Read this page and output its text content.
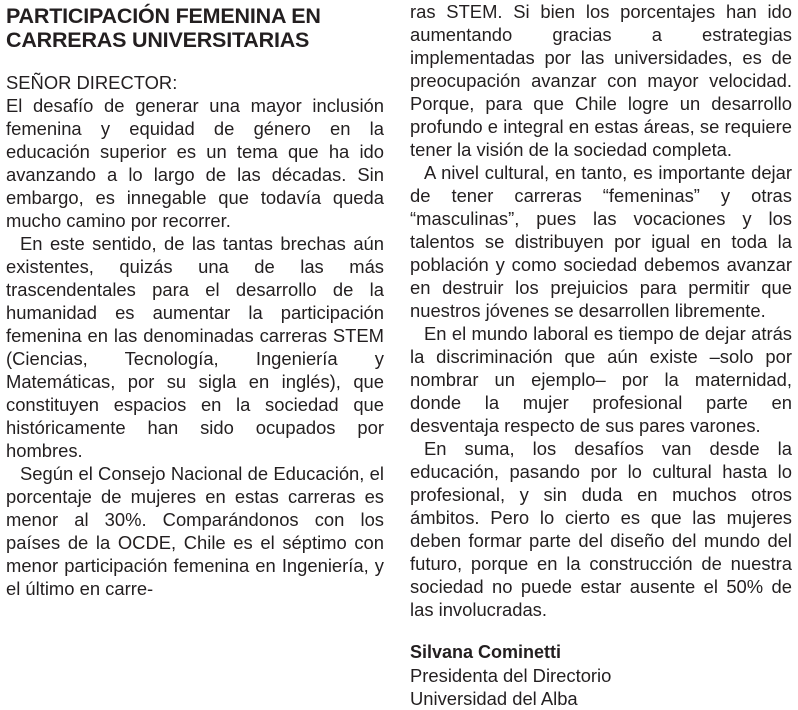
PARTICIPACIÓN FEMENINA EN
CARRERAS UNIVERSITARIAS
SEÑOR DIRECTOR:

El desafío de generar una mayor inclusión femenina y equidad de género en la educación superior es un tema que ha ido avanzando a lo largo de las décadas. Sin embargo, es innegable que todavía queda mucho camino por recorrer.

En este sentido, de las tantas brechas aún existentes, quizás una de las más trascendentales para el desarrollo de la humanidad es aumentar la participación femenina en las denominadas carreras STEM (Ciencias, Tecnología, Ingeniería y Matemáticas, por su sigla en inglés), que constituyen espacios en la sociedad que históricamente han sido ocupados por hombres.

Según el Consejo Nacional de Educación, el porcentaje de mujeres en estas carreras es menor al 30%. Comparándonos con los países de la OCDE, Chile es el séptimo con menor participación femenina en Ingeniería, y el último en carre-

ras STEM. Si bien los porcentajes han ido aumentando gracias a estrategias implementadas por las universidades, es de preocupación avanzar con mayor velocidad. Porque, para que Chile logre un desarrollo profundo e integral en estas áreas, se requiere tener la visión de la sociedad completa.

A nivel cultural, en tanto, es importante dejar de tener carreras “femeninas” y otras “masculinas”, pues las vocaciones y los talentos se distribuyen por igual en toda la población y como sociedad debemos avanzar en destruir los prejuicios para permitir que nuestros jóvenes se desarrollen libremente.

En el mundo laboral es tiempo de dejar atrás la discriminación que aún existe –solo por nombrar un ejemplo– por la maternidad, donde la mujer profesional parte en desventaja respecto de sus pares varones.

En suma, los desafíos van desde la educación, pasando por lo cultural hasta lo profesional, y sin duda en muchos otros ámbitos. Pero lo cierto es que las mujeres deben formar parte del diseño del mundo del futuro, porque en la construcción de nuestra sociedad no puede estar ausente el 50% de las involucradas.

Silvana Cominetti
Presidenta del Directorio
Universidad del Alba
